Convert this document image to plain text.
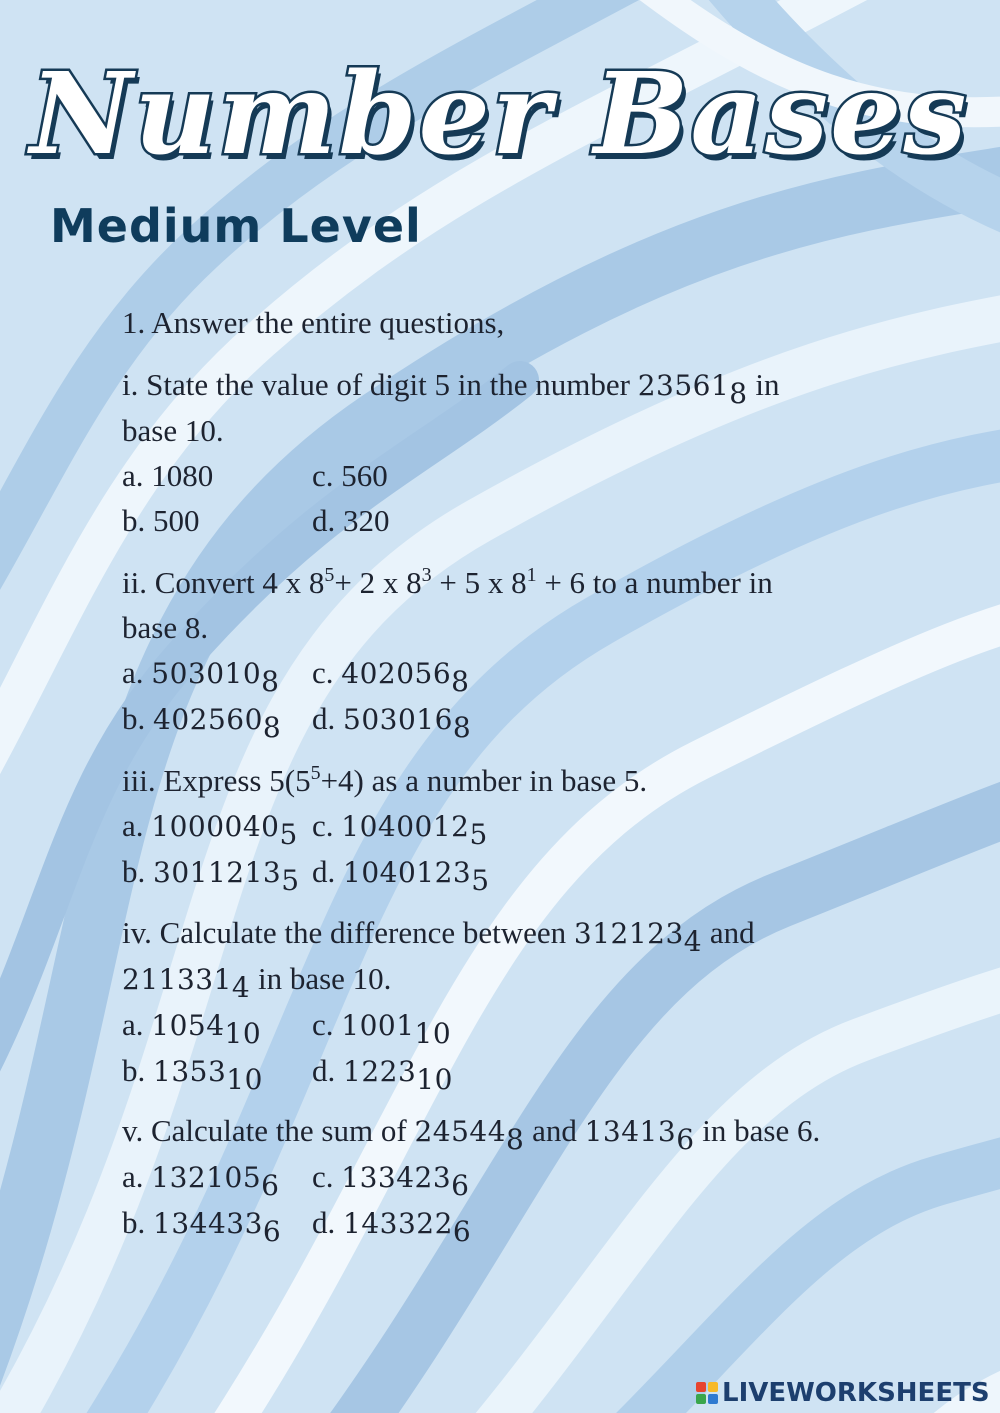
Number Bases
Medium Level
1. Answer the entire questions,
i. State the value of digit 5 in the number $23561_8$ in
base 10.
a. 1080	c. 560
b. 500	d. 320
ii. Convert 4 x $8^5+ 2$ x $8^3 + 5$ x $8^1 + 6$ to a number in
base 8.
a. $503010_8$	c. $402056_8$
b. $402560_8$ d. $503016_8$
iii. Express $5(5^5+4)$ as a number in base 5.
a. $1000040_5$ c. $1040012_5$
b. $3011213_5$ d. $1040123_5$
iv. Calculate the difference between $312123_4$ and
$211331_4$ in base 10.
a. $1054_{10}$	c. $1001_{10}$
b. $1353_{10}$	d. $1223_{10}$
v. Calculate the sum of $24544_8$ and $13413_6$ in base 6.
a. $132105_6$	c. $133423_6$
b. $134433_6$ d. $143322_6$
LIVEWORKSHEETS
